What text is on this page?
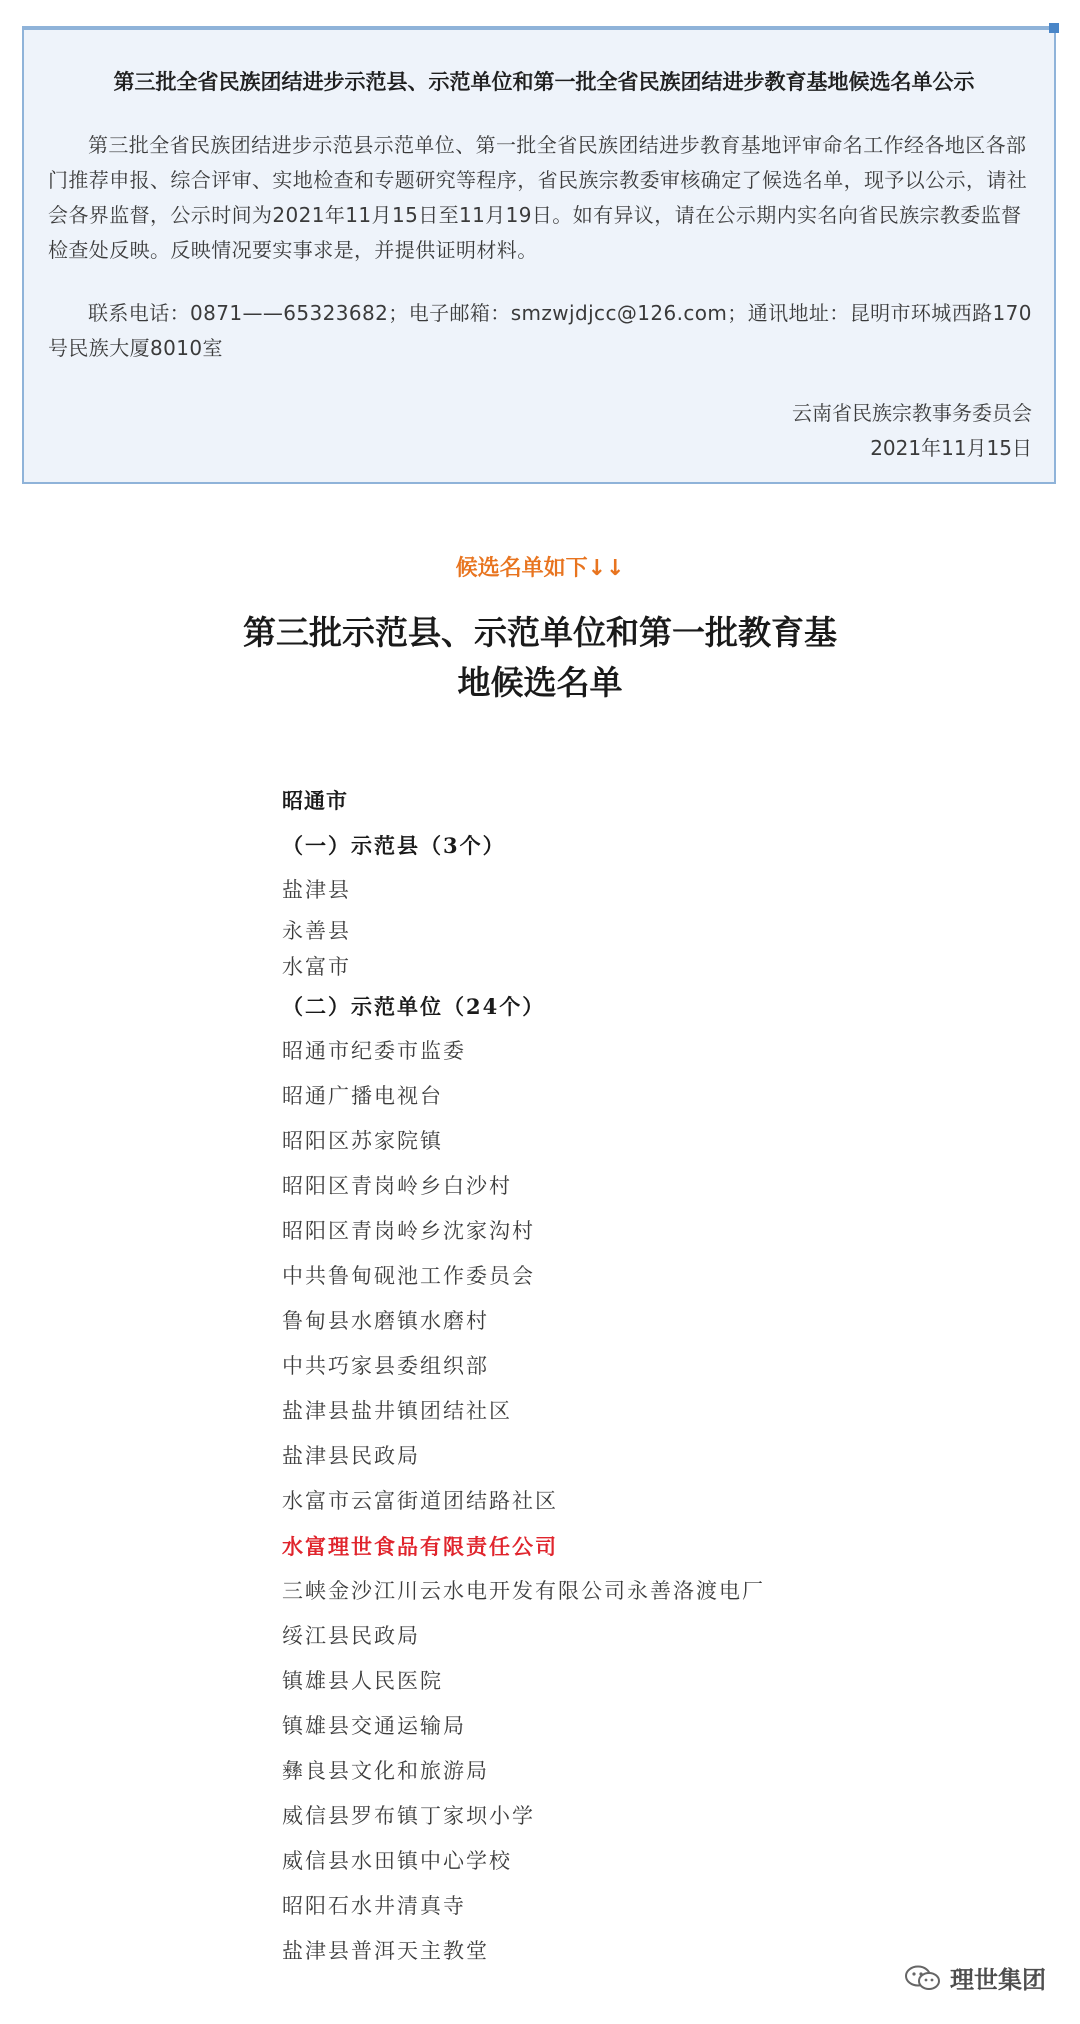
第三批全省民族团结进步示范县、示范单位和第一批全省民族团结进步教育基地候选名单公示
第三批全省民族团结进步示范县示范单位、第一批全省民族团结进步教育基地评审命名工作经各地区各部门推荐申报、综合评审、实地检查和专题研究等程序，省民族宗教委审核确定了候选名单，现予以公示，请社会各界监督，公示时间为2021年11月15日至11月19日。如有异议，请在公示期内实名向省民族宗教委监督检查处反映。反映情况要实事求是，并提供证明材料。
联系电话：0871——65323682；电子邮箱：smzwjdjcc@126.com；通讯地址：昆明市环城西路170号民族大厦8010室
云南省民族宗教事务委员会
2021年11月15日
候选名单如下↓↓
第三批示范县、示范单位和第一批教育基
地候选名单
昭通市
（一）示范县（3个）
盐津县
永善县
水富市
（二）示范单位（24个）
昭通市纪委市监委
昭通广播电视台
昭阳区苏家院镇
昭阳区青岗岭乡白沙村
昭阳区青岗岭乡沈家沟村
中共鲁甸砚池工作委员会
鲁甸县水磨镇水磨村
中共巧家县委组织部
盐津县盐井镇团结社区
盐津县民政局
水富市云富街道团结路社区
水富理世食品有限责任公司
三峡金沙江川云水电开发有限公司永善洛渡电厂
绥江县民政局
镇雄县人民医院
镇雄县交通运输局
彝良县文化和旅游局
威信县罗布镇丁家坝小学
威信县水田镇中心学校
昭阳石水井清真寺
盐津县普洱天主教堂
理世集团
